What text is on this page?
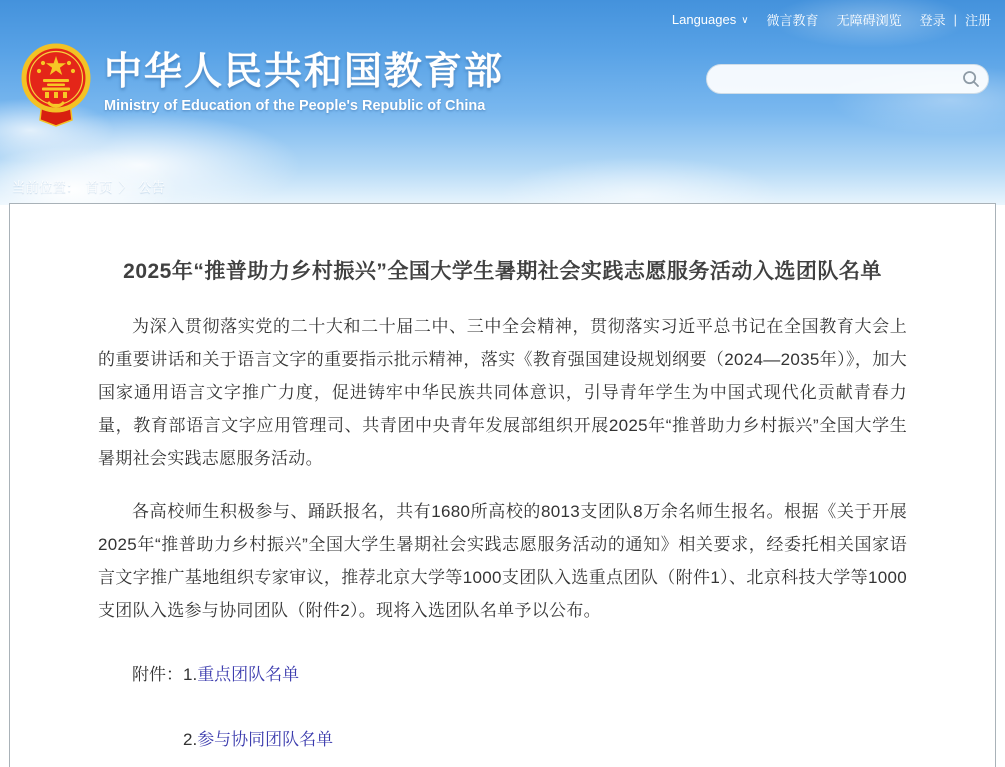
Languages ∨ 微言教育 无障碍浏览 登录 | 注册
中华人民共和国教育部
Ministry of Education of the People's Republic of China
当前位置： 首页 〉 公告
2025年“推普助力乡村振兴”全国大学生暑期社会实践志愿服务活动入选团队名单

为深入贯彻落实党的二十大和二十届二中、三中全会精神，贯彻落实习近平总书记在全国教育大会上的重要讲话和关于语言文字的重要指示批示精神，落实《教育强国建设规划纲要（2024—2035年）》，加大国家通用语言文字推广力度，促进铸牢中华民族共同体意识，引导青年学生为中国式现代化贡献青春力量，教育部语言文字应用管理司、共青团中央青年发展部组织开展2025年“推普助力乡村振兴”全国大学生暑期社会实践志愿服务活动。

各高校师生积极参与、踊跃报名，共有1680所高校的8013支团队8万余名师生报名。根据《关于开展2025年“推普助力乡村振兴”全国大学生暑期社会实践志愿服务活动的通知》相关要求，经委托相关国家语言文字推广基地组织专家审议，推荐北京大学等1000支团队入选重点团队（附件1）、北京科技大学等1000支团队入选参与协同团队（附件2）。现将入选团队名单予以公布。

附件： 1.重点团队名单
2.参与协同团队名单
